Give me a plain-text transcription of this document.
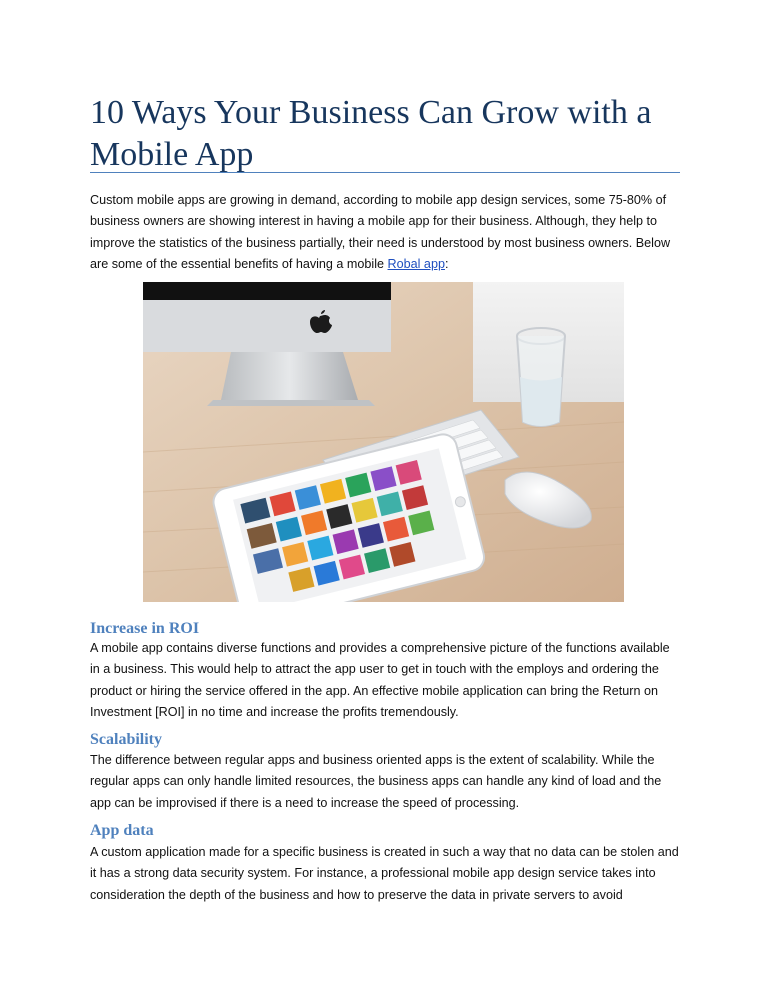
10 Ways Your Business Can Grow with a Mobile App

Custom mobile apps are growing in demand, according to mobile app design services, some 75-80% of business owners are showing interest in having a mobile app for their business. Although, they help to improve the statistics of the business partially, their need is understood by most business owners. Below are some of the essential benefits of having a mobile Robal app:

Increase in ROI

A mobile app contains diverse functions and provides a comprehensive picture of the functions available in a business. This would help to attract the app user to get in touch with the employs and ordering the product or hiring the service offered in the app. An effective mobile application can bring the Return on Investment [ROI] in no time and increase the profits tremendously.

Scalability

The difference between regular apps and business oriented apps is the extent of scalability. While the regular apps can only handle limited resources, the business apps can handle any kind of load and the app can be improvised if there is a need to increase the speed of processing.

App data

A custom application made for a specific business is created in such a way that no data can be stolen and it has a strong data security system. For instance, a professional mobile app design service takes into consideration the depth of the business and how to preserve the data in private servers to avoid
